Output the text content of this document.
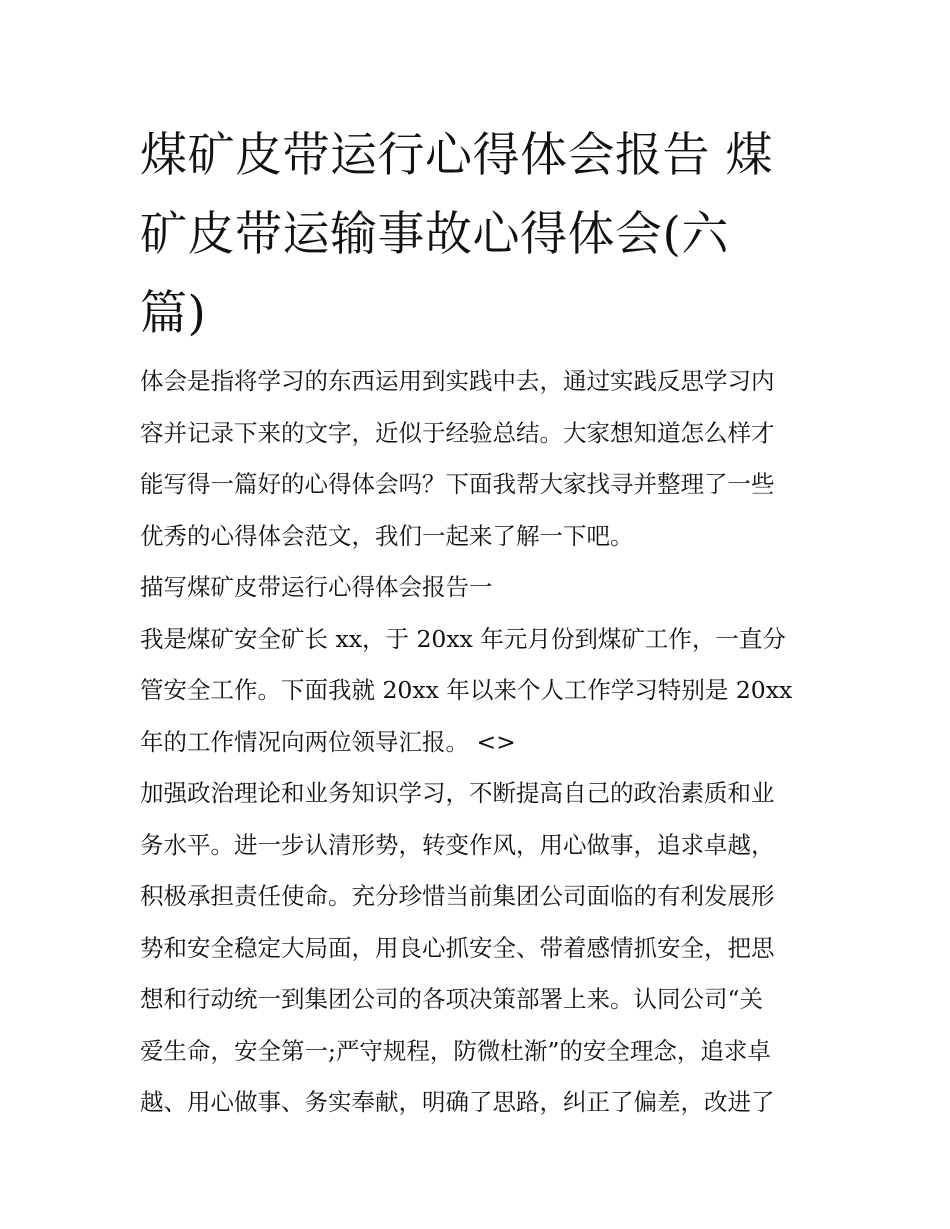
煤矿皮带运行心得体会报告 煤
矿皮带运输事故心得体会(六
篇)

体会是指将学习的东西运用到实践中去，通过实践反思学习内
容并记录下来的文字，近似于经验总结。大家想知道怎么样才
能写得一篇好的心得体会吗？下面我帮大家找寻并整理了一些
优秀的心得体会范文，我们一起来了解一下吧。

描写煤矿皮带运行心得体会报告一

我是煤矿安全矿长 xx，于 20xx 年元月份到煤矿工作，一直分
管安全工作。下面我就 20xx 年以来个人工作学习特别是 20xx
年的工作情况向两位领导汇报。 <>

加强政治理论和业务知识学习，不断提高自己的政治素质和业
务水平。进一步认清形势，转变作风，用心做事，追求卓越，
积极承担责任使命。充分珍惜当前集团公司面临的有利发展形
势和安全稳定大局面，用良心抓安全、带着感情抓安全，把思
想和行动统一到集团公司的各项决策部署上来。认同公司“关
爱生命，安全第一;严守规程，防微杜渐”的安全理念，追求卓
越、用心做事、务实奉献，明确了思路，纠正了偏差，改进了
